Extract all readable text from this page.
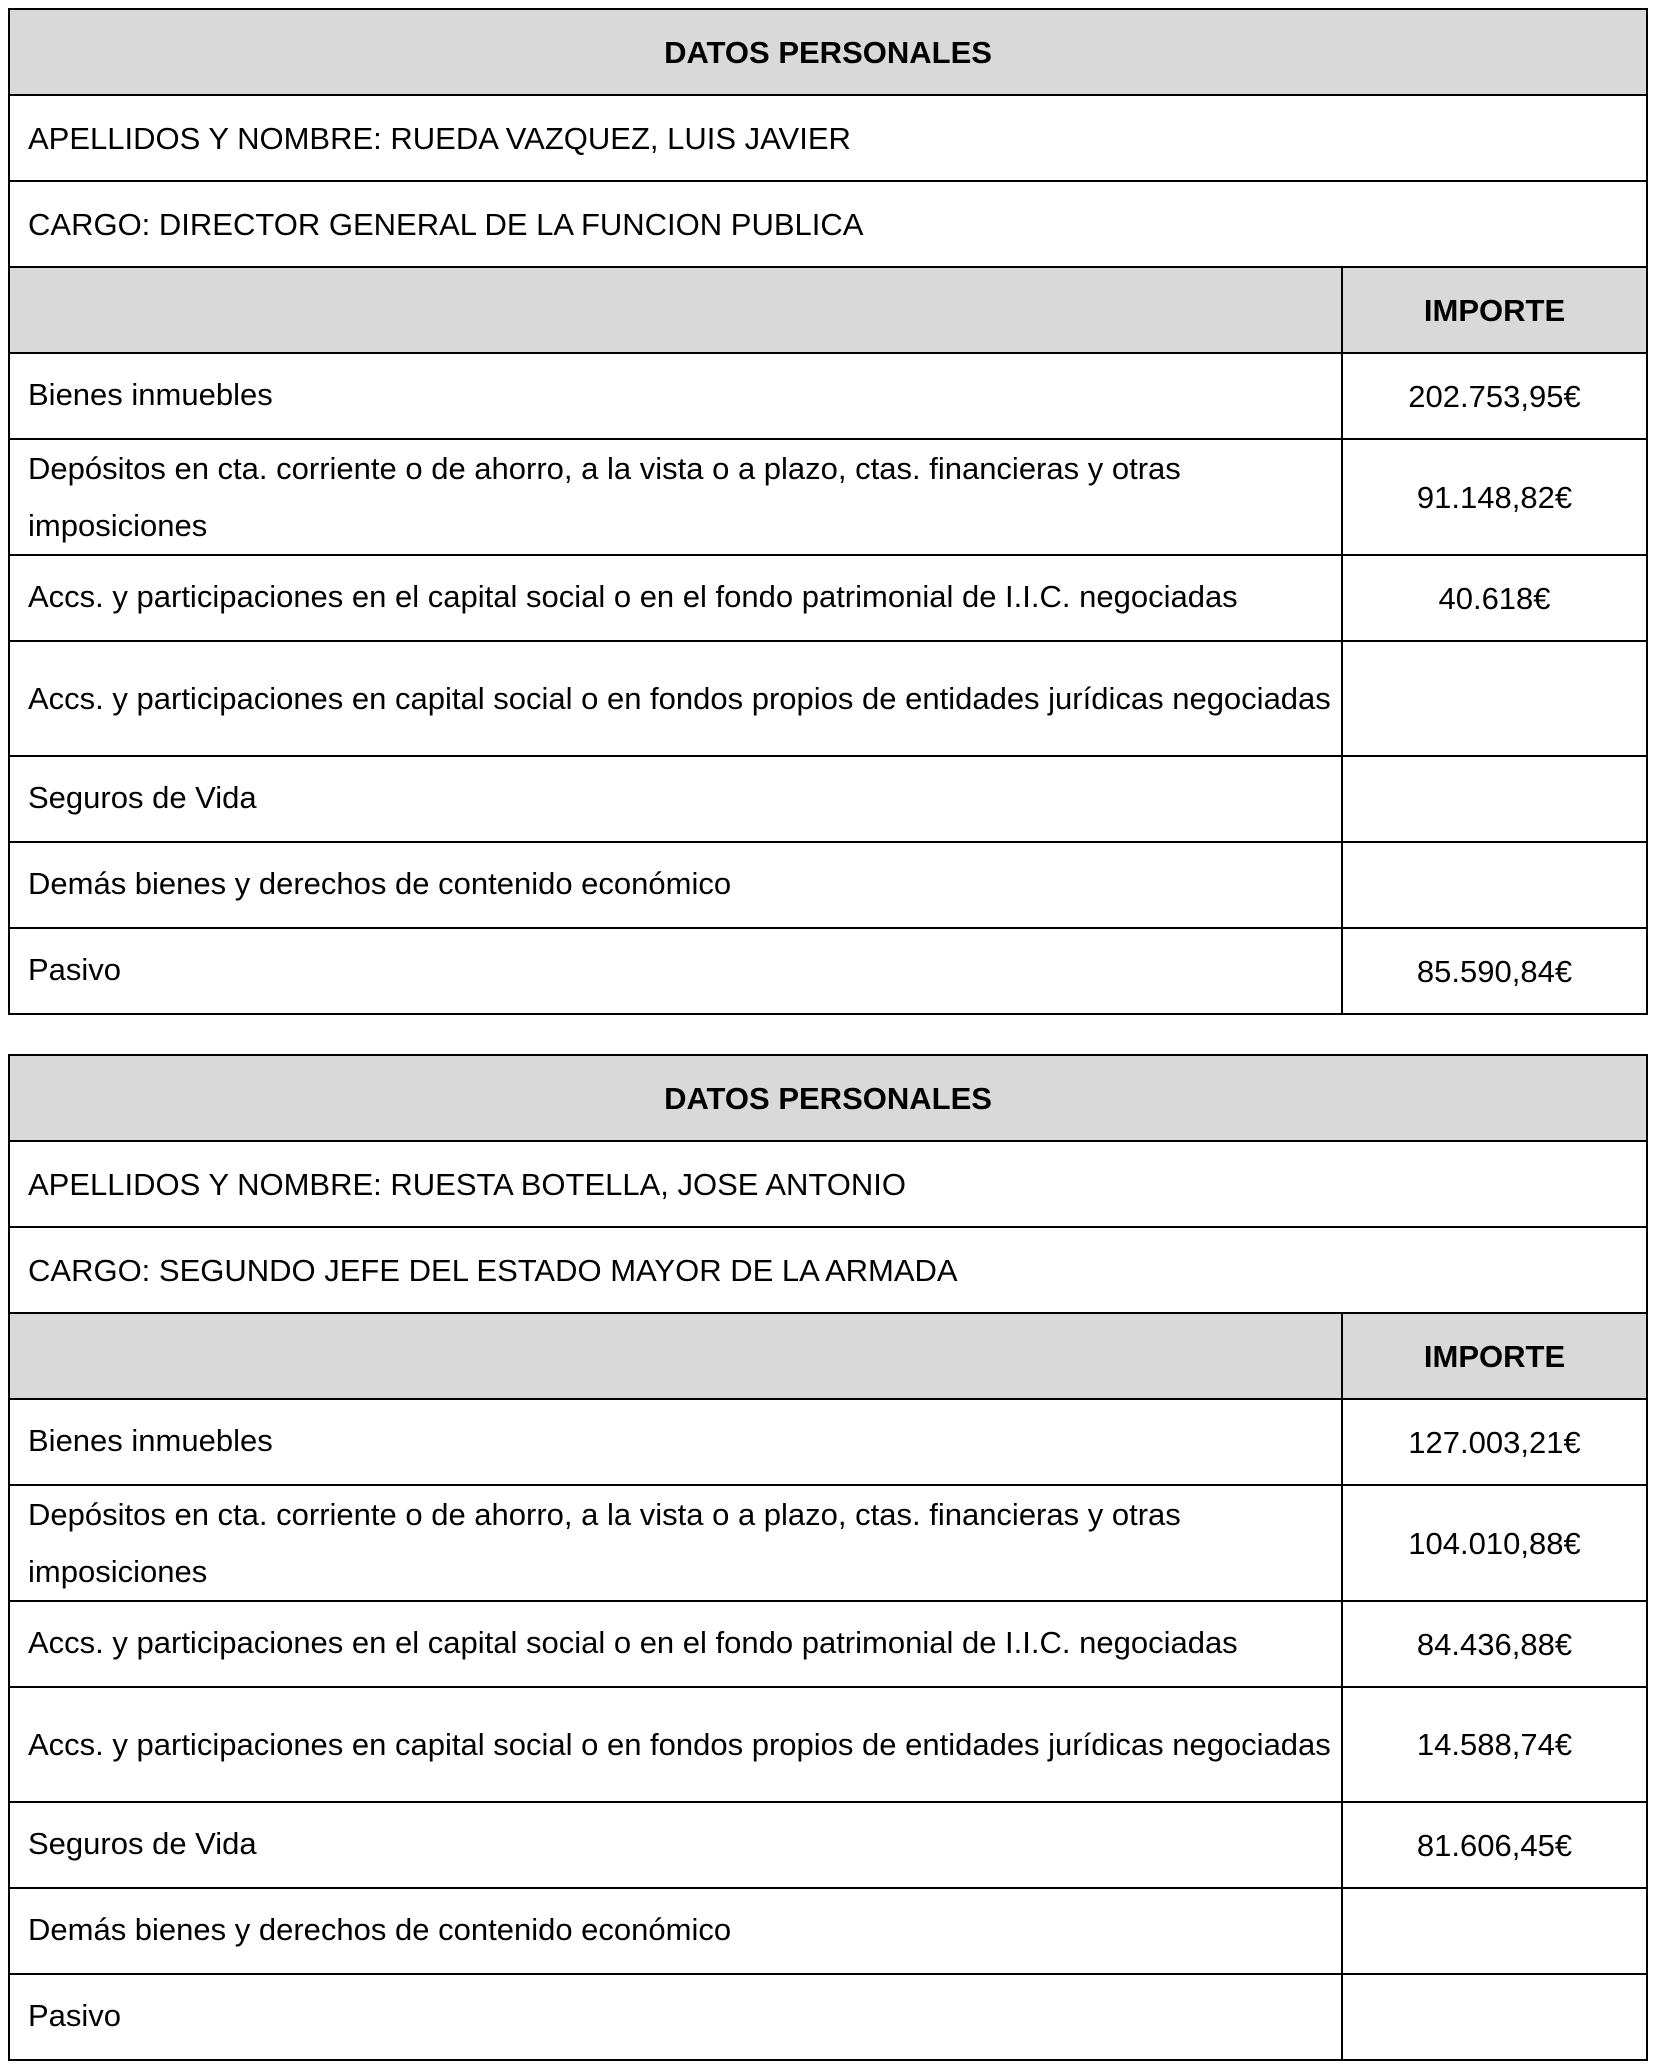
DATOS PERSONALES	
APELLIDOS Y NOMBRE: RUEDA VAZQUEZ, LUIS JAVIER	
CARGO: DIRECTOR GENERAL DE LA FUNCION PUBLICA	
	IMPORTE
Bienes inmuebles	202.753,95€
Depósitos en cta. corriente o de ahorro, a la vista o a plazo, ctas. financieras y otras imposiciones	91.148,82€
Accs. y participaciones en el capital social o en el fondo patrimonial de I.I.C. negociadas	40.618€
Accs. y participaciones en capital social o en fondos propios de entidades jurídicas negociadas	
Seguros de Vida	
Demás bienes y derechos de contenido económico	
Pasivo	85.590,84€
DATOS PERSONALES	
APELLIDOS Y NOMBRE: RUESTA BOTELLA, JOSE ANTONIO	
CARGO: SEGUNDO JEFE DEL ESTADO MAYOR DE LA ARMADA	
	IMPORTE
Bienes inmuebles	127.003,21€
Depósitos en cta. corriente o de ahorro, a la vista o a plazo, ctas. financieras y otras imposiciones	104.010,88€
Accs. y participaciones en el capital social o en el fondo patrimonial de I.I.C. negociadas	84.436,88€
Accs. y participaciones en capital social o en fondos propios de entidades jurídicas negociadas	14.588,74€
Seguros de Vida	81.606,45€
Demás bienes y derechos de contenido económico	
Pasivo	
